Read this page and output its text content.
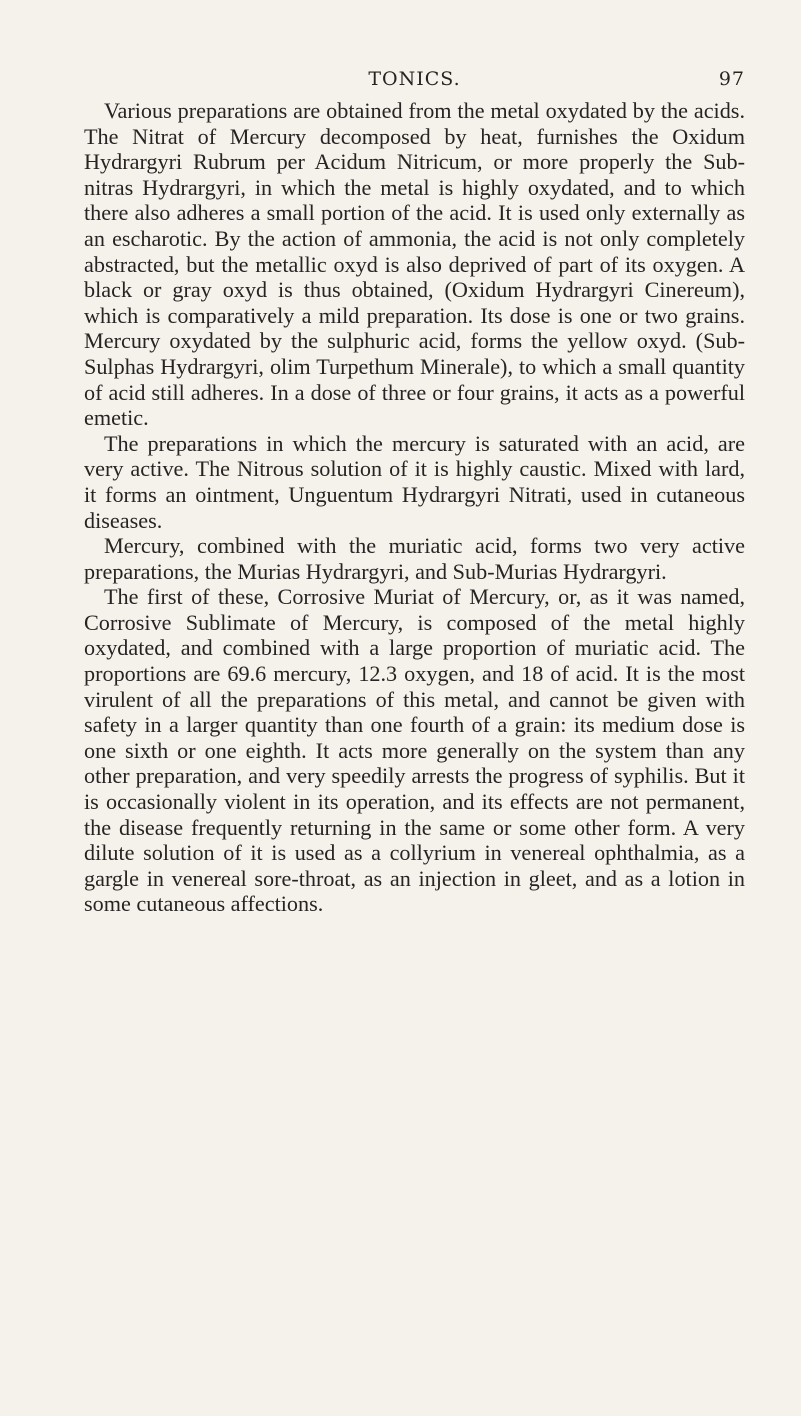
TONICS.	97

Various preparations are obtained from the metal oxydated by the acids. The Nitrat of Mercury decomposed by heat, furnishes the Oxidum Hydrargyri Rubrum per Acidum Nitricum, or more properly the Sub-nitras Hydrargyri, in which the metal is highly oxydated, and to which there also adheres a small portion of the acid. It is used only externally as an escharotic. By the action of ammonia, the acid is not only completely abstracted, but the metallic oxyd is also deprived of part of its oxygen. A black or gray oxyd is thus obtained, (Oxidum Hydrargyri Cinereum), which is comparatively a mild preparation. Its dose is one or two grains. Mercury oxydated by the sulphuric acid, forms the yellow oxyd. (Sub-Sulphas Hydrargyri, olim Turpethum Minerale), to which a small quantity of acid still adheres. In a dose of three or four grains, it acts as a powerful emetic.

The preparations in which the mercury is saturated with an acid, are very active. The Nitrous solution of it is highly caustic. Mixed with lard, it forms an ointment, Unguentum Hydrargyri Nitrati, used in cutaneous diseases.

Mercury, combined with the muriatic acid, forms two very active preparations, the Murias Hydrargyri, and Sub-Murias Hydrargyri.

The first of these, Corrosive Muriat of Mercury, or, as it was named, Corrosive Sublimate of Mercury, is composed of the metal highly oxydated, and combined with a large proportion of muriatic acid. The proportions are 69.6 mercury, 12.3 oxygen, and 18 of acid. It is the most virulent of all the preparations of this metal, and cannot be given with safety in a larger quantity than one fourth of a grain: its medium dose is one sixth or one eighth. It acts more generally on the system than any other preparation, and very speedily arrests the progress of syphilis. But it is occasionally violent in its operation, and its effects are not permanent, the disease frequently returning in the same or some other form. A very dilute solution of it is used as a collyrium in venereal ophthalmia, as a gargle in venereal sore-throat, as an injection in gleet, and as a lotion in some cutaneous affections.
